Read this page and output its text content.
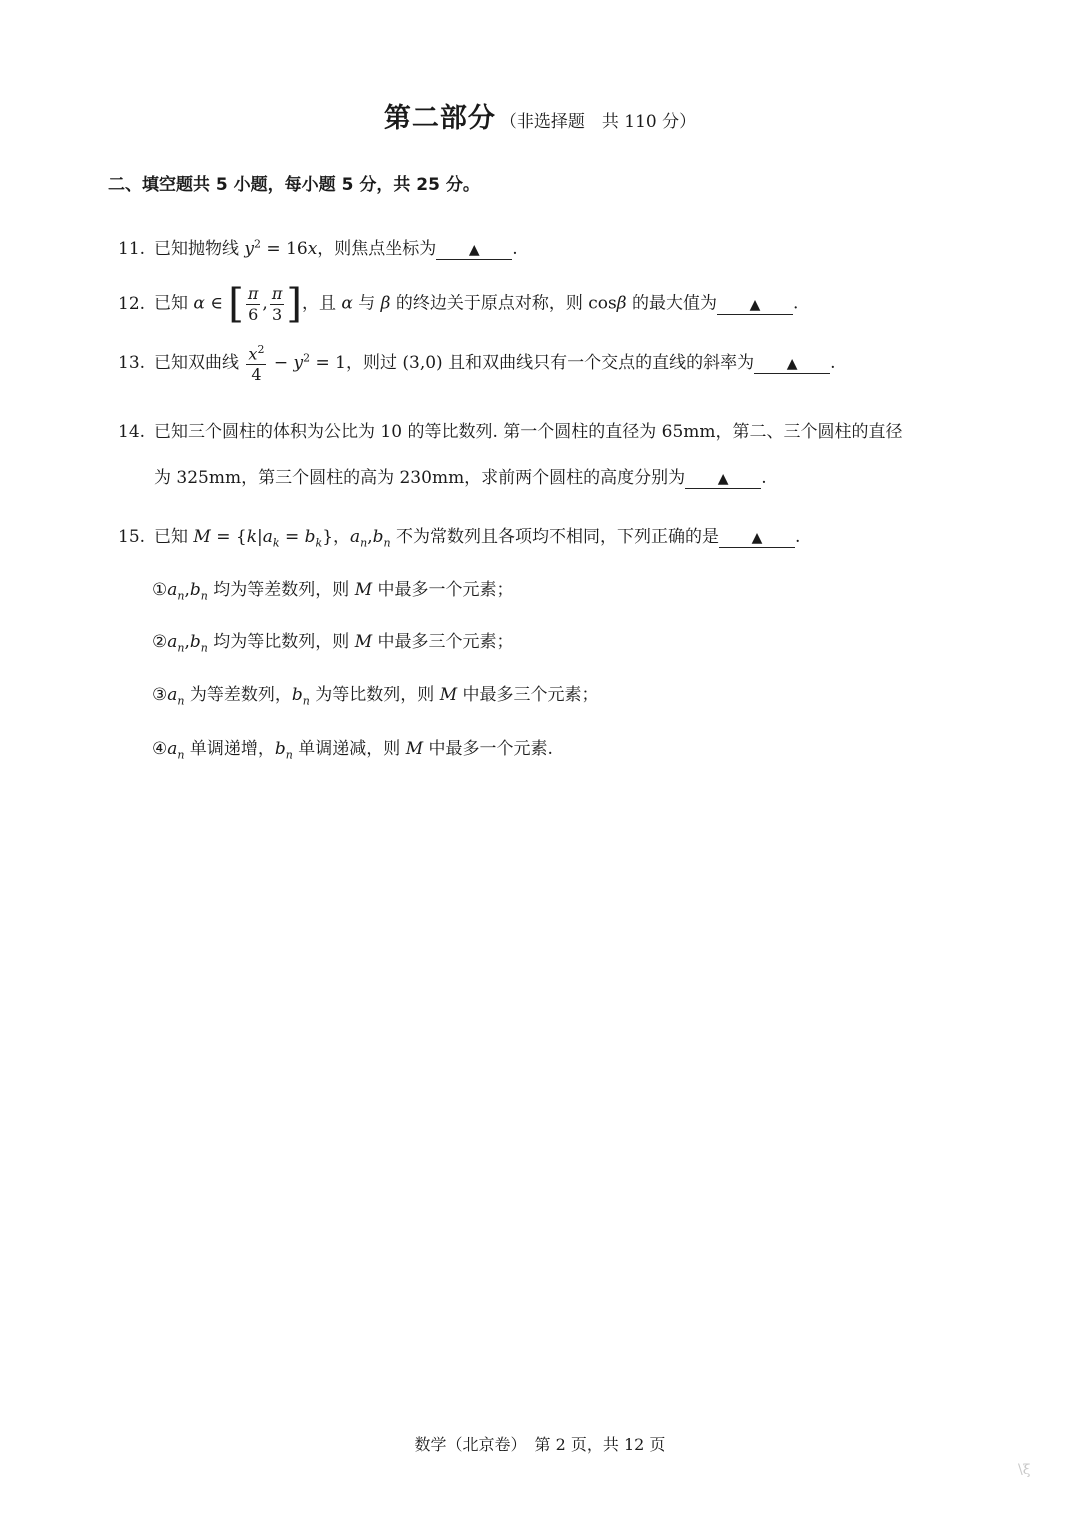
第二部分 （非选择题　共 110 分）
二、填空题共 5 小题，每小题 5 分，共 25 分。
11. 已知抛物线 $y^2 = 16x$，则焦点坐标为 ▲ .
12. 已知 α ∈ [ $\frac{\pi}{6}$ , $\frac{\pi}{3}$ ]，且 α 与 β 的终边关于原点对称，则 cosβ 的最大值为 ▲ .
13. 已知双曲线 $\frac{x^2}{4} - y^2 = 1$，则过 (3,0) 且和双曲线只有一个交点的直线的斜率为 ▲ .
14. 已知三个圆柱的体积为公比为 10 的等比数列. 第一个圆柱的直径为 65mm，第二、三个圆柱的直径
为 325mm，第三个圆柱的高为 230mm，求前两个圆柱的高度分别为 ▲ .
15. 已知 $M = \{k|a_k = b_k\}$，$a_n,b_n$ 不为常数列且各项均不相同，下列正确的是 ▲ .
$①a_n,b_n$ 均为等差数列，则 M 中最多一个元素；
$②a_n,b_n$ 均为等比数列，则 M 中最多三个元素；
$③a_n$ 为等差数列，$b_n$ 为等比数列，则 M 中最多三个元素；
$④a_n$ 单调递增，$b_n$ 单调递减，则 M 中最多一个元素.
数学（北京卷）　第 2 页，共 12 页
\ξ
